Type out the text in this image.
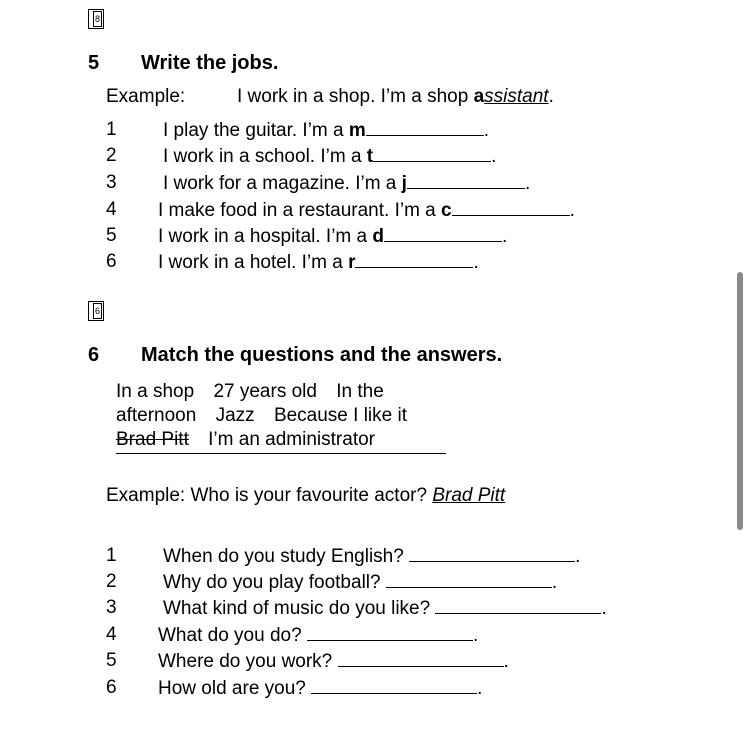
8
5 Write the jobs.
Example:	I work in a shop. I’m a shop assistant.
1 I play the guitar. I’m a m	.
2 I work in a school. I’m a t	.
3 I work for a magazine. I’m a j	.
4 I make food in a restaurant. I’m a c	.
5 I work in a hospital. I’m a d	.
6 I work in a hotel. I’m a r	.
6
6 Match the questions and the answers.
In a shop 27 years old In the afternoon Jazz Because I like it Brad Pitt I’m an administrator
Example: Who is your favourite actor? Brad Pitt
1 When do you study English?	.
2 Why do you play football?	.
3 What kind of music do you like?	.
4 What do you do?	.
5 Where do you work?	.
6 How old are you?	.
